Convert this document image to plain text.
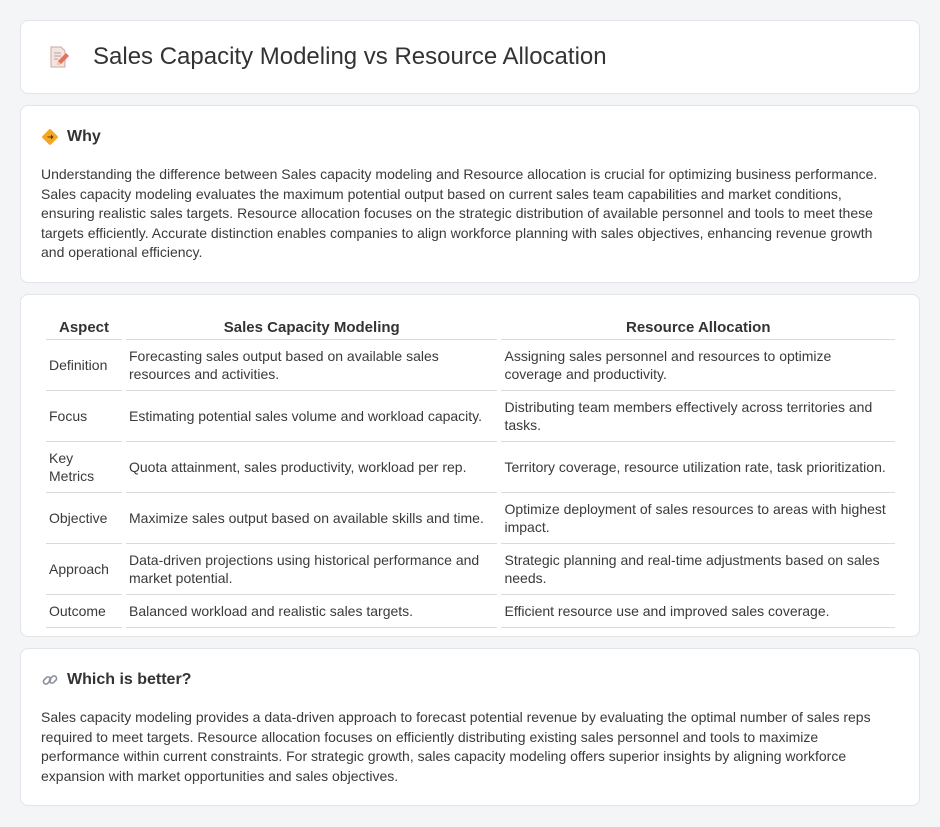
Sales Capacity Modeling vs Resource Allocation
Why

Understanding the difference between Sales capacity modeling and Resource allocation is crucial for optimizing business performance. Sales capacity modeling evaluates the maximum potential output based on current sales team capabilities and market conditions, ensuring realistic sales targets. Resource allocation focuses on the strategic distribution of available personnel and tools to meet these targets efficiently. Accurate distinction enables companies to align workforce planning with sales objectives, enhancing revenue growth and operational efficiency.

Aspect	Sales Capacity Modeling	Resource Allocation
Definition	Forecasting sales output based on available sales resources and activities.	Assigning sales personnel and resources to optimize coverage and productivity.
Focus	Estimating potential sales volume and workload capacity.	Distributing team members effectively across territories and tasks.
Key Metrics	Quota attainment, sales productivity, workload per rep.	Territory coverage, resource utilization rate, task prioritization.
Objective	Maximize sales output based on available skills and time.	Optimize deployment of sales resources to areas with highest impact.
Approach	Data-driven projections using historical performance and market potential.	Strategic planning and real-time adjustments based on sales needs.
Outcome	Balanced workload and realistic sales targets.	Efficient resource use and improved sales coverage.
Which is better?

Sales capacity modeling provides a data-driven approach to forecast potential revenue by evaluating the optimal number of sales reps required to meet targets. Resource allocation focuses on efficiently distributing existing sales personnel and tools to maximize performance within current constraints. For strategic growth, sales capacity modeling offers superior insights by aligning workforce expansion with market opportunities and sales objectives.
